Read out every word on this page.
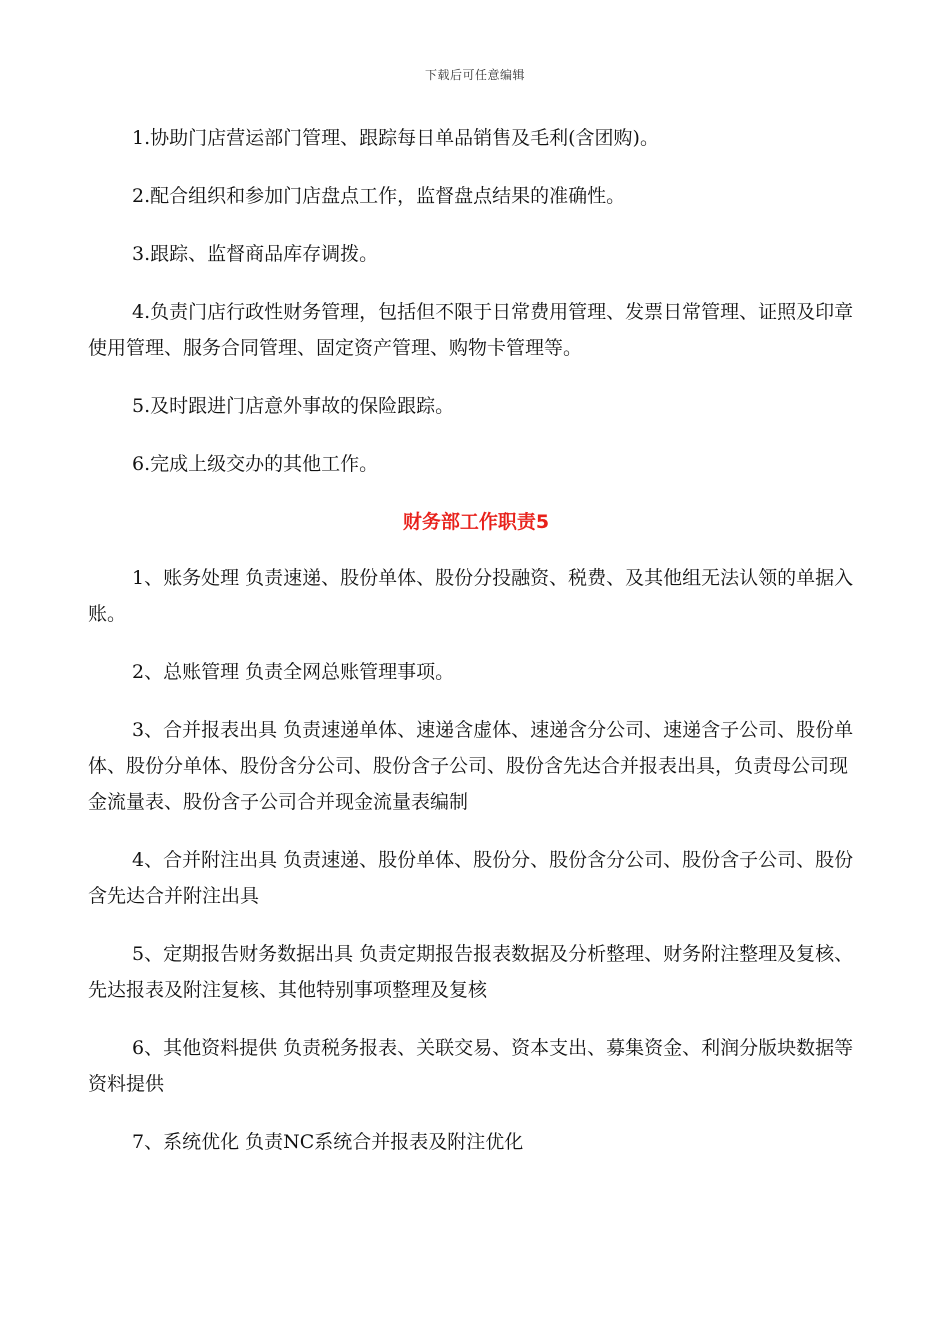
下载后可任意编辑

1.协助门店营运部门管理、跟踪每日单品销售及毛利(含团购)。

2.配合组织和参加门店盘点工作，监督盘点结果的准确性。

3.跟踪、监督商品库存调拨。

4.负责门店行政性财务管理，包括但不限于日常费用管理、发票日常管理、证照及印章使用管理、服务合同管理、固定资产管理、购物卡管理等。

5.及时跟进门店意外事故的保险跟踪。

6.完成上级交办的其他工作。

财务部工作职责5

1、账务处理 负责速递、股份单体、股份分投融资、税费、及其他组无法认领的单据入账。

2、总账管理 负责全网总账管理事项。

3、合并报表出具 负责速递单体、速递含虚体、速递含分公司、速递含子公司、股份单体、股份分单体、股份含分公司、股份含子公司、股份含先达合并报表出具，负责母公司现金流量表、股份含子公司合并现金流量表编制

4、合并附注出具 负责速递、股份单体、股份分、股份含分公司、股份含子公司、股份含先达合并附注出具

5、定期报告财务数据出具 负责定期报告报表数据及分析整理、财务附注整理及复核、先达报表及附注复核、其他特别事项整理及复核

6、其他资料提供 负责税务报表、关联交易、资本支出、募集资金、利润分版块数据等资料提供

7、系统优化 负责NC系统合并报表及附注优化
